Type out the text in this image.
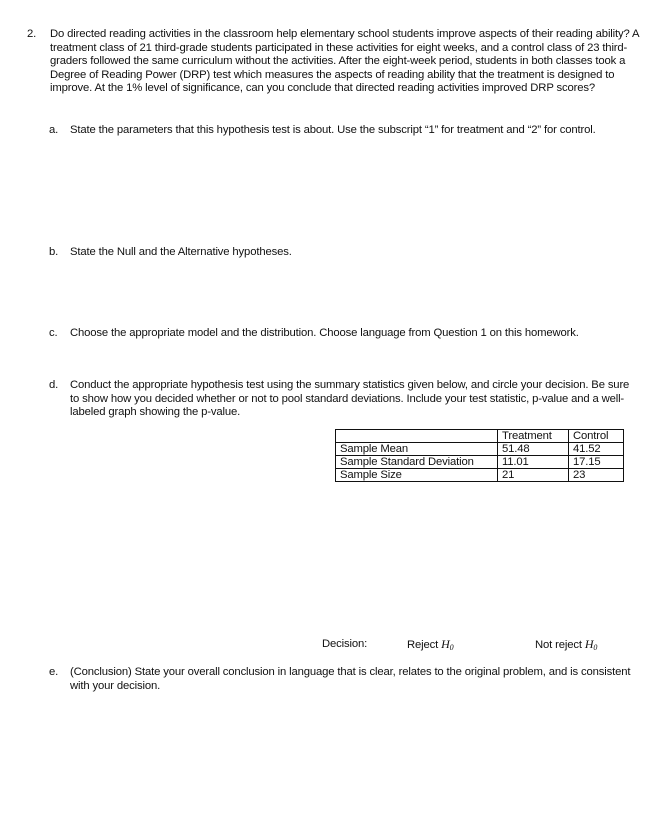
2. Do directed reading activities in the classroom help elementary school students improve aspects of their reading ability? A treatment class of 21 third-grade students participated in these activities for eight weeks, and a control class of 23 third-graders followed the same curriculum without the activities. After the eight-week period, students in both classes took a Degree of Reading Power (DRP) test which measures the aspects of reading ability that the treatment is designed to improve. At the 1% level of significance, can you conclude that directed reading activities improved DRP scores?
a. State the parameters that this hypothesis test is about. Use the subscript “1” for treatment and “2” for control.
b. State the Null and the Alternative hypotheses.
c. Choose the appropriate model and the distribution. Choose language from Question 1 on this homework.
d. Conduct the appropriate hypothesis test using the summary statistics given below, and circle your decision. Be sure to show how you decided whether or not to pool standard deviations. Include your test statistic, p-value and a well-labeled graph showing the p-value.
	Treatment	Control
Sample Mean	51.48	41.52
Sample Standard Deviation	11.01	17.15
Sample Size	21	23
Decision:	Reject $H_0$	Not reject $H_0$
e. (Conclusion) State your overall conclusion in language that is clear, relates to the original problem, and is consistent with your decision.
